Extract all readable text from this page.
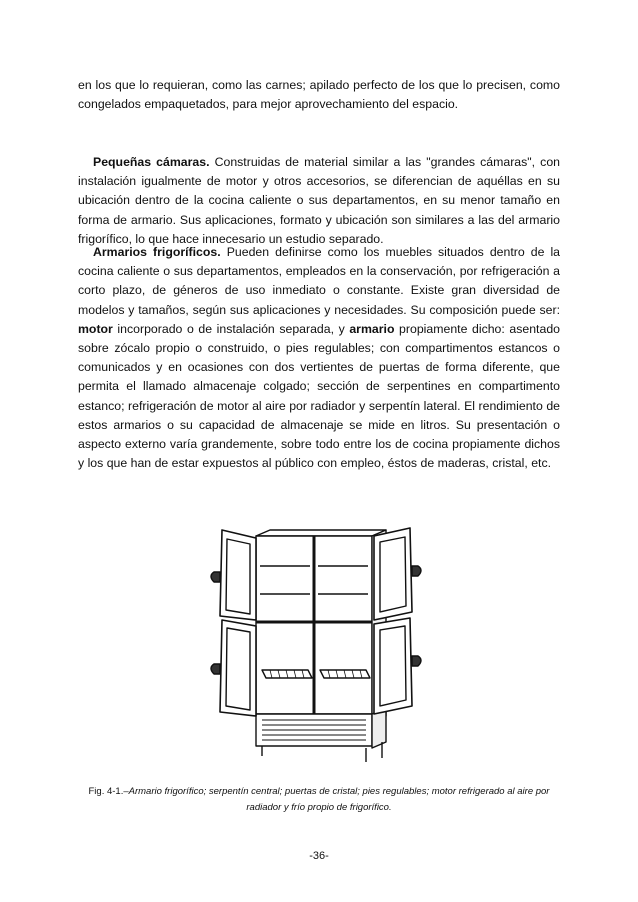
en los que lo requieran, como las carnes; apilado perfecto de los que lo precisen, como congelados empaquetados, para mejor aprovechamiento del espacio.

Pequeñas cámaras. Construidas de material similar a las "grandes cámaras", con instalación igualmente de motor y otros accesorios, se diferencian de aquéllas en su ubicación dentro de la cocina caliente o sus departamentos, en su menor tamaño en forma de armario. Sus aplicaciones, formato y ubicación son similares a las del armario frigorífico, lo que hace innecesario un estudio separado.

Armarios frigoríficos. Pueden definirse como los muebles situados dentro de la cocina caliente o sus departamentos, empleados en la conservación, por refrigeración a corto plazo, de géneros de uso inmediato o constante. Existe gran diversidad de modelos y tamaños, según sus aplicaciones y necesidades. Su composición puede ser: motor incorporado o de instalación separada, y armario propiamente dicho: asentado sobre zócalo propio o construido, o pies regulables; con compartimentos estancos o comunicados y en ocasiones con dos vertientes de puertas de forma diferente, que permita el llamado almacenaje colgado; sección de serpentines en compartimento estanco; refrigeración de motor al aire por radiador y serpentín lateral. El rendimiento de estos armarios o su capacidad de almacenaje se mide en litros. Su presentación o aspecto externo varía grandemente, sobre todo entre los de cocina propiamente dichos y los que han de estar expuestos al público con empleo, éstos de maderas, cristal, etc.

Fig. 4-1.–Armario frigorífico; serpentín central; puertas de cristal; pies regulables; motor refrigerado al aire por radiador y frío propio de frigorífico.
-36-
